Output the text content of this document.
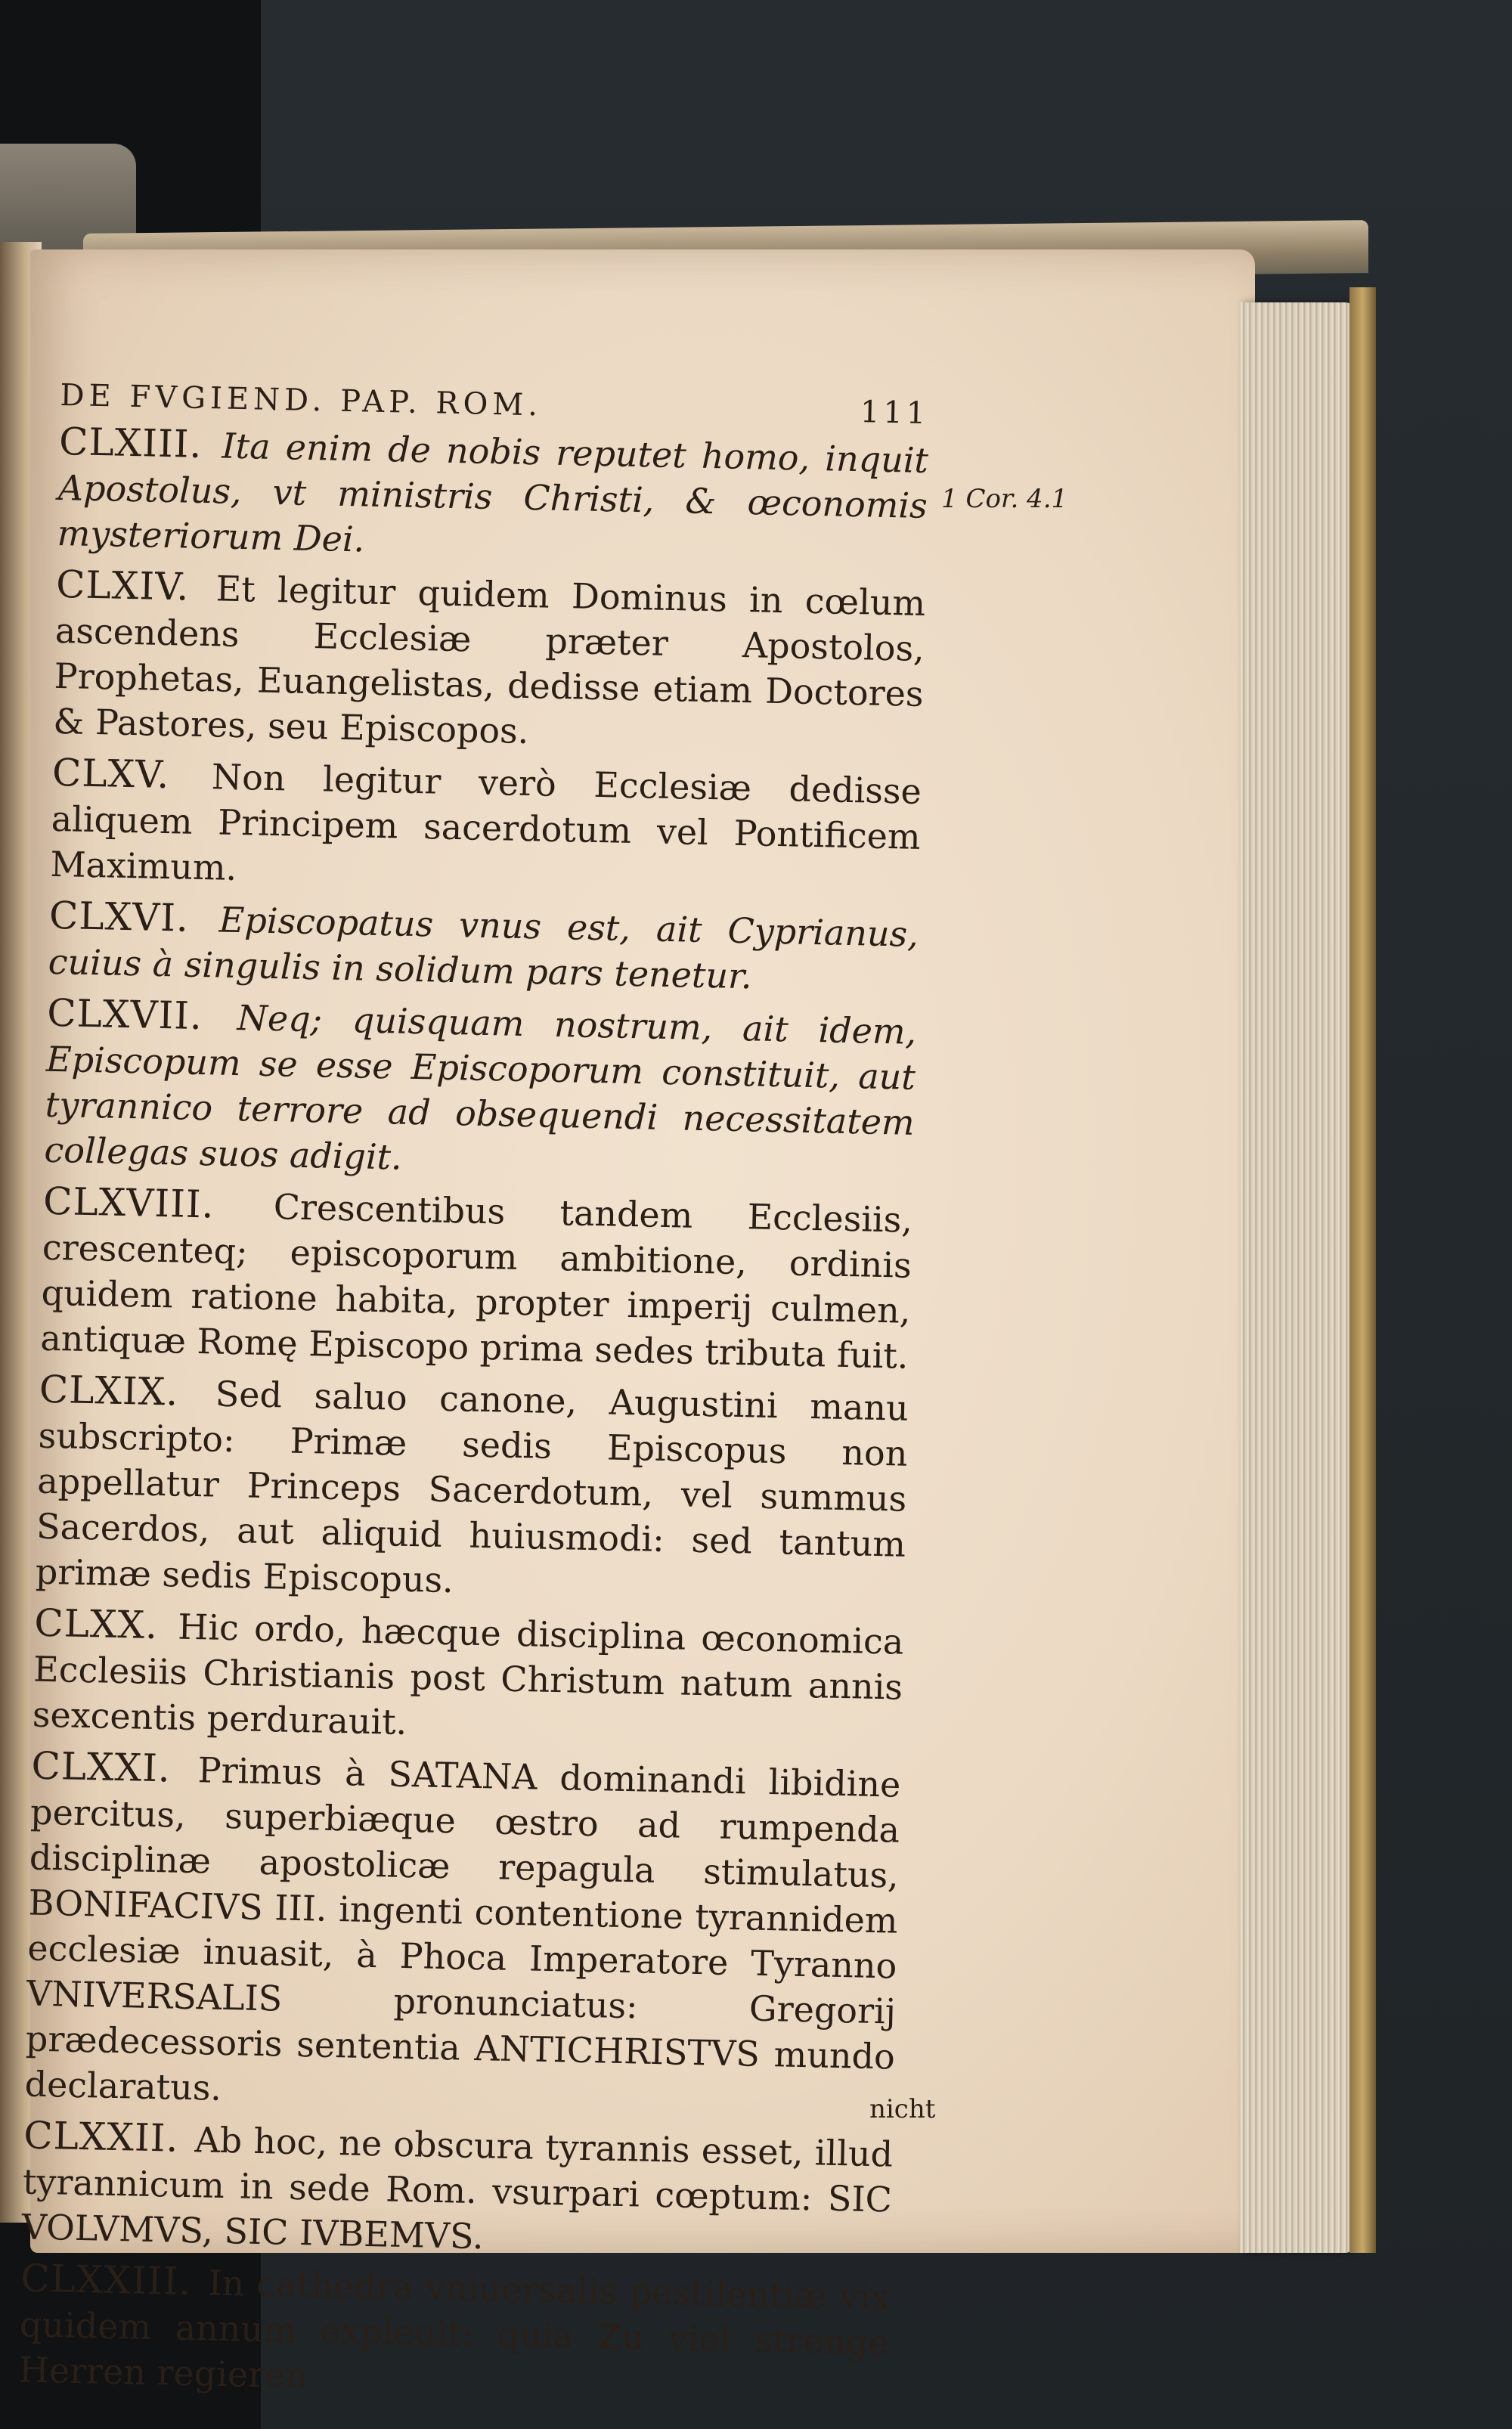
DE FVGIEND. PAP. ROM.	111

CLXIII. Ita enim de nobis reputet homo, inquit Apostolus, vt ministris Christi, & œconomis mysteriorum Dei.

CLXIV. Et legitur quidem Dominus in cœlum ascendens Ecclesiæ præter Apostolos, Prophetas, Euangelistas, dedisse etiam Doctores & Pastores, seu Episcopos.

CLXV. Non legitur verò Ecclesiæ dedisse aliquem Principem sacerdotum vel Pontificem Maximum.

CLXVI. Episcopatus vnus est, ait Cyprianus, cuius à singulis in solidum pars tenetur.

CLXVII. Neq; quisquam nostrum, ait idem, Episcopum se esse Episcoporum constituit, aut tyrannico terrore ad obsequendi necessitatem collegas suos adigit.

CLXVIII. Crescentibus tandem Ecclesiis, crescenteq; episcoporum ambitione, ordinis quidem ratione habita, propter imperij culmen, antiquæ Romę Episcopo prima sedes tributa fuit.

CLXIX. Sed saluo canone, Augustini manu subscripto: Primæ sedis Episcopus non appellatur Princeps Sacerdotum, vel summus Sacerdos, aut aliquid huiusmodi: sed tantum primæ sedis Episcopus.

CLXX. Hic ordo, hæcque disciplina œconomica Ecclesiis Christianis post Christum natum annis sexcentis perdurauit.

CLXXI. Primus à SATANA dominandi libidine percitus, superbiæque œstro ad rumpenda disciplinæ apostolicæ repagula stimulatus, BONIFACIVS III. ingenti contentione tyrannidem ecclesiæ inuasit, à Phoca Imperatore Tyranno VNIVERSALIS pronunciatus: Gregorij prædecessoris sententia ANTICHRISTVS mundo declaratus.

CLXXII. Ab hoc, ne obscura tyrannis esset, illud tyrannicum in sede Rom. vsurpari cœptum: SIC VOLVMVS, SIC IVBEMVS.

CLXXIII. In cathedra vniuersalis pestilentiæ vix quidem annum expleuit: quia Zu viel strenge Herren regieren

1 Cor. 4.1
nicht
